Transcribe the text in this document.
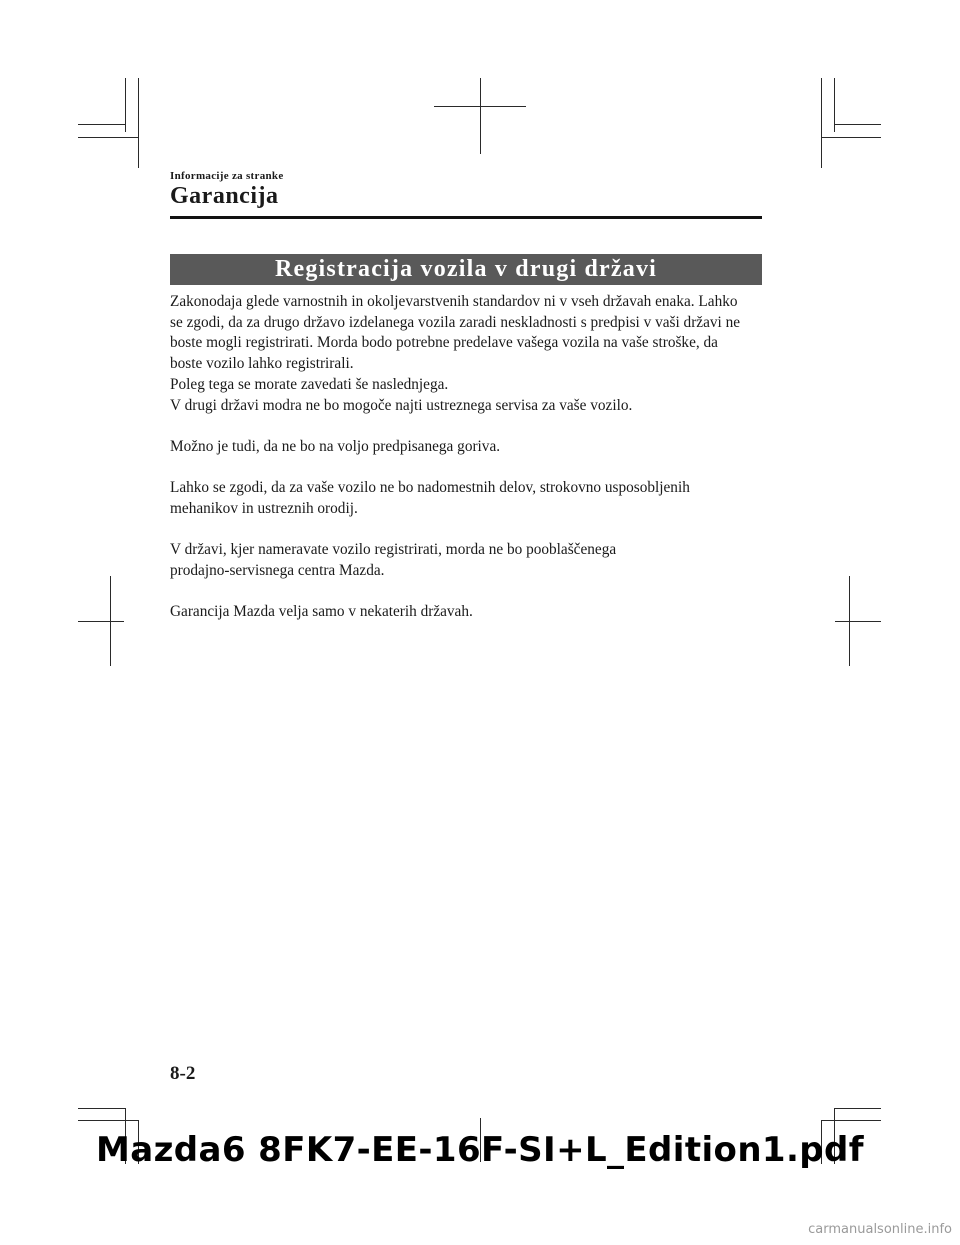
Informacije za stranke
Garancija
Registracija vozila v drugi državi

Zakonodaja glede varnostnih in okoljevarstvenih standardov ni v vseh državah enaka. Lahko

se zgodi, da za drugo državo izdelanega vozila zaradi neskladnosti s predpisi v vaši državi ne

boste mogli registrirati. Morda bodo potrebne predelave vašega vozila na vaše stroške, da

boste vozilo lahko registrirali.

Poleg tega se morate zavedati še naslednjega.

V drugi državi modra ne bo mogoče najti ustreznega servisa za vaše vozilo.

Možno je tudi, da ne bo na voljo predpisanega goriva.

Lahko se zgodi, da za vaše vozilo ne bo nadomestnih delov, strokovno usposobljenih

mehanikov in ustreznih orodij.

V državi, kjer nameravate vozilo registrirati, morda ne bo pooblaščenega

prodajno-servisnega centra Mazda.

Garancija Mazda velja samo v nekaterih državah.

8-2
Mazda6 8FK7-EE-16F-SI+L_Edition1.pdf
carmanualsonline.info
